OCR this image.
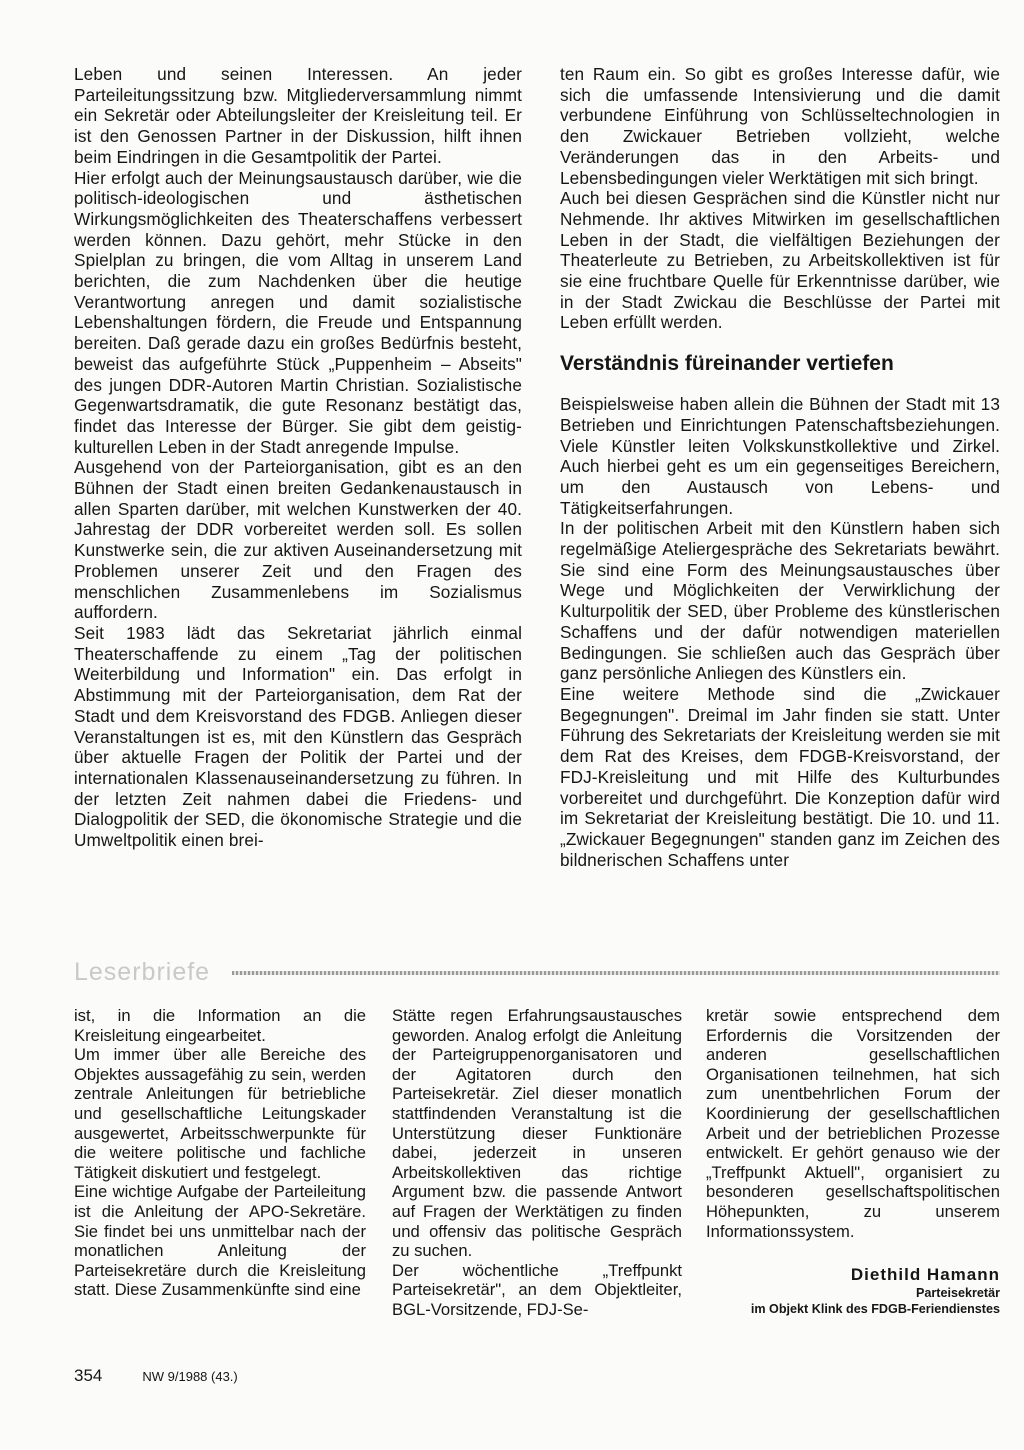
Leben und seinen Interessen. An jeder Parteileitungssitzung bzw. Mitgliederversammlung nimmt ein Sekretär oder Abteilungsleiter der Kreisleitung teil. Er ist den Genossen Partner in der Diskussion, hilft ihnen beim Eindringen in die Gesamtpolitik der Partei.

Hier erfolgt auch der Meinungsaustausch darüber, wie die politisch-ideologischen und ästhetischen Wirkungsmöglichkeiten des Theaterschaffens verbessert werden können. Dazu gehört, mehr Stücke in den Spielplan zu bringen, die vom Alltag in unserem Land berichten, die zum Nachdenken über die heutige Verantwortung anregen und damit sozialistische Lebenshaltungen fördern, die Freude und Entspannung bereiten. Daß gerade dazu ein großes Bedürfnis besteht, beweist das aufgeführte Stück „Puppenheim – Abseits" des jungen DDR-Autoren Martin Christian. Sozialistische Gegenwartsdramatik, die gute Resonanz bestätigt das, findet das Interesse der Bürger. Sie gibt dem geistig-kulturellen Leben in der Stadt anregende Impulse.

Ausgehend von der Parteiorganisation, gibt es an den Bühnen der Stadt einen breiten Gedankenaustausch in allen Sparten darüber, mit welchen Kunstwerken der 40. Jahrestag der DDR vorbereitet werden soll. Es sollen Kunstwerke sein, die zur aktiven Auseinandersetzung mit Problemen unserer Zeit und den Fragen des menschlichen Zusammenlebens im Sozialismus auffordern.

Seit 1983 lädt das Sekretariat jährlich einmal Theaterschaffende zu einem „Tag der politischen Weiterbildung und Information" ein. Das erfolgt in Abstimmung mit der Parteiorganisation, dem Rat der Stadt und dem Kreisvorstand des FDGB. Anliegen dieser Veranstaltungen ist es, mit den Künstlern das Gespräch über aktuelle Fragen der Politik der Partei und der internationalen Klassenauseinandersetzung zu führen. In der letzten Zeit nahmen dabei die Friedens- und Dialogpolitik der SED, die ökonomische Strategie und die Umweltpolitik einen brei-

ten Raum ein. So gibt es großes Interesse dafür, wie sich die umfassende Intensivierung und die damit verbundene Einführung von Schlüsseltechnologien in den Zwickauer Betrieben vollzieht, welche Veränderungen das in den Arbeits- und Lebensbedingungen vieler Werktätigen mit sich bringt.

Auch bei diesen Gesprächen sind die Künstler nicht nur Nehmende. Ihr aktives Mitwirken im gesellschaftlichen Leben in der Stadt, die vielfältigen Beziehungen der Theaterleute zu Betrieben, zu Arbeitskollektiven ist für sie eine fruchtbare Quelle für Erkenntnisse darüber, wie in der Stadt Zwickau die Beschlüsse der Partei mit Leben erfüllt werden.

Verständnis füreinander vertiefen

Beispielsweise haben allein die Bühnen der Stadt mit 13 Betrieben und Einrichtungen Patenschaftsbeziehungen. Viele Künstler leiten Volkskunstkollektive und Zirkel. Auch hierbei geht es um ein gegenseitiges Bereichern, um den Austausch von Lebens- und Tätigkeitserfahrungen.

In der politischen Arbeit mit den Künstlern haben sich regelmäßige Ateliergespräche des Sekretariats bewährt. Sie sind eine Form des Meinungsaustausches über Wege und Möglichkeiten der Verwirklichung der Kulturpolitik der SED, über Probleme des künstlerischen Schaffens und der dafür notwendigen materiellen Bedingungen. Sie schließen auch das Gespräch über ganz persönliche Anliegen des Künstlers ein.

Eine weitere Methode sind die „Zwickauer Begegnungen". Dreimal im Jahr finden sie statt. Unter Führung des Sekretariats der Kreisleitung werden sie mit dem Rat des Kreises, dem FDGB-Kreisvorstand, der FDJ-Kreisleitung und mit Hilfe des Kulturbundes vorbereitet und durchgeführt. Die Konzeption dafür wird im Sekretariat der Kreisleitung bestätigt. Die 10. und 11. „Zwickauer Begegnungen" standen ganz im Zeichen des bildnerischen Schaffens unter

Leserbriefe

ist, in die Information an die Kreisleitung eingearbeitet.

Um immer über alle Bereiche des Objektes aussagefähig zu sein, werden zentrale Anleitungen für betriebliche und gesellschaftliche Leitungskader ausgewertet, Arbeitsschwerpunkte für die weitere politische und fachliche Tätigkeit diskutiert und festgelegt.

Eine wichtige Aufgabe der Parteileitung ist die Anleitung der APO-Sekretäre. Sie findet bei uns unmittelbar nach der monatlichen Anleitung der Parteisekretäre durch die Kreisleitung statt. Diese Zusammenkünfte sind eine

Stätte regen Erfahrungsaustausches geworden. Analog erfolgt die Anleitung der Parteigruppenorganisatoren und der Agitatoren durch den Parteisekretär. Ziel dieser monatlich stattfindenden Veranstaltung ist die Unterstützung dieser Funktionäre dabei, jederzeit in unseren Arbeitskollektiven das richtige Argument bzw. die passende Antwort auf Fragen der Werktätigen zu finden und offensiv das politische Gespräch zu suchen.

Der wöchentliche „Treffpunkt Parteisekretär", an dem Objektleiter, BGL-Vorsitzende, FDJ-Se-

kretär sowie entsprechend dem Erfordernis die Vorsitzenden der anderen gesellschaftlichen Organisationen teilnehmen, hat sich zum unentbehrlichen Forum der Koordinierung der gesellschaftlichen Arbeit und der betrieblichen Prozesse entwickelt. Er gehört genauso wie der „Treffpunkt Aktuell", organisiert zu besonderen gesellschaftspolitischen Höhepunkten, zu unserem Informationssystem.

Diethild Hamann
Parteisekretär
im Objekt Klink des FDGB-Feriendienstes
354	NW 9/1988 (43.)
